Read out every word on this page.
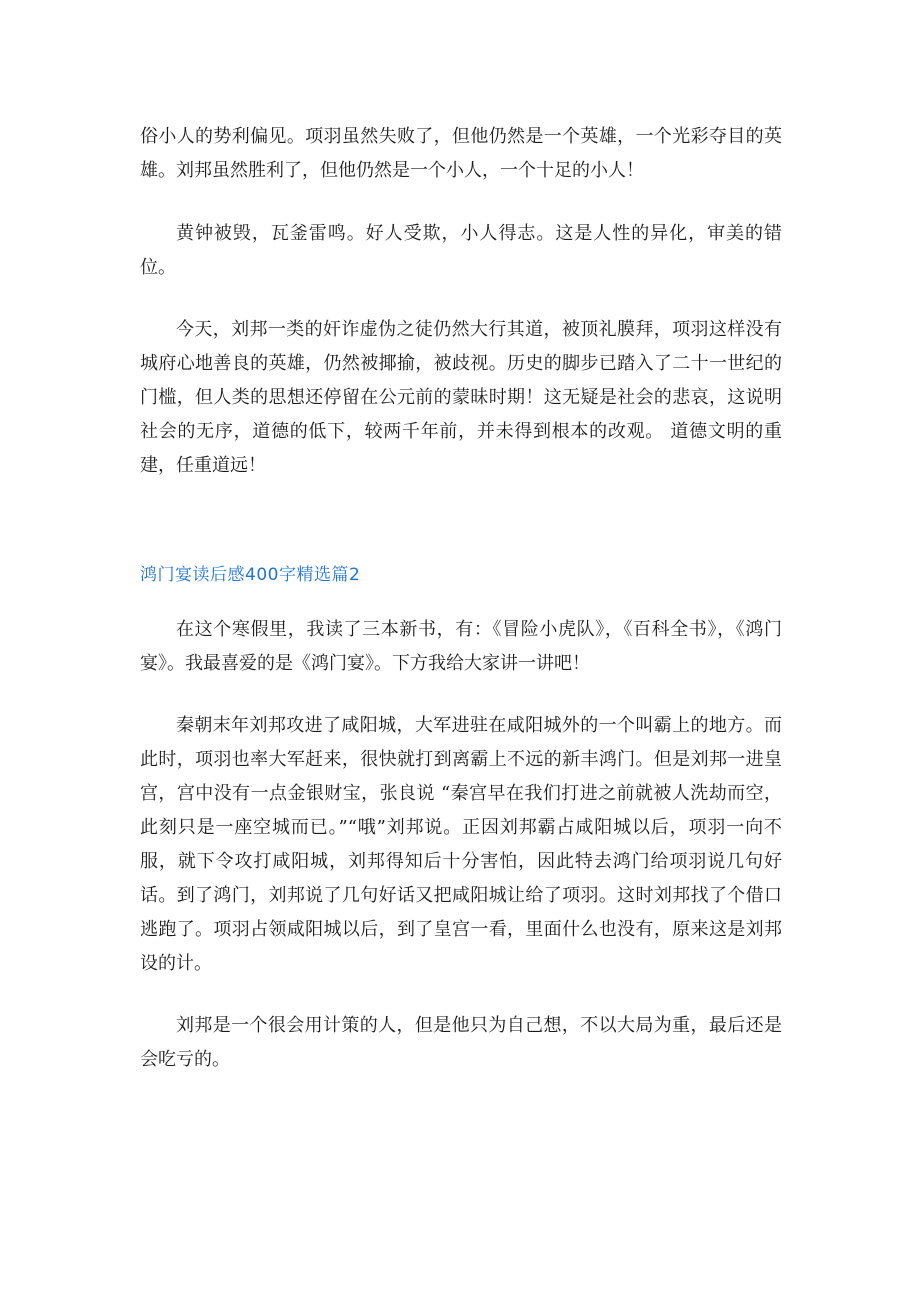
俗小人的势利偏见。项羽虽然失败了，但他仍然是一个英雄，一个光彩夺目的英雄。刘邦虽然胜利了，但他仍然是一个小人，一个十足的小人！

黄钟被毁，瓦釜雷鸣。好人受欺，小人得志。这是人性的异化，审美的错位。

今天，刘邦一类的奸诈虚伪之徒仍然大行其道，被顶礼膜拜，项羽这样没有城府心地善良的英雄，仍然被揶揄，被歧视。历史的脚步已踏入了二十一世纪的门槛，但人类的思想还停留在公元前的蒙昧时期！这无疑是社会的悲哀，这说明社会的无序，道德的低下，较两千年前，并未得到根本的改观。 道德文明的重建，任重道远！

鸿门宴读后感400字精选篇2

在这个寒假里，我读了三本新书，有：《冒险小虎队》，《百科全书》，《鸿门宴》。我最喜爱的是《鸿门宴》。下方我给大家讲一讲吧！

秦朝末年刘邦攻进了咸阳城，大军进驻在咸阳城外的一个叫霸上的地方。而此时，项羽也率大军赶来，很快就打到离霸上不远的新丰鸿门。但是刘邦一进皇宫，宫中没有一点金银财宝，张良说 “秦宫早在我们打进之前就被人洗劫而空，此刻只是一座空城而已。”“哦”刘邦说。正因刘邦霸占咸阳城以后，项羽一向不服，就下令攻打咸阳城，刘邦得知后十分害怕，因此特去鸿门给项羽说几句好话。到了鸿门，刘邦说了几句好话又把咸阳城让给了项羽。这时刘邦找了个借口逃跑了。项羽占领咸阳城以后，到了皇宫一看，里面什么也没有，原来这是刘邦设的计。

刘邦是一个很会用计策的人，但是他只为自己想，不以大局为重，最后还是会吃亏的。
